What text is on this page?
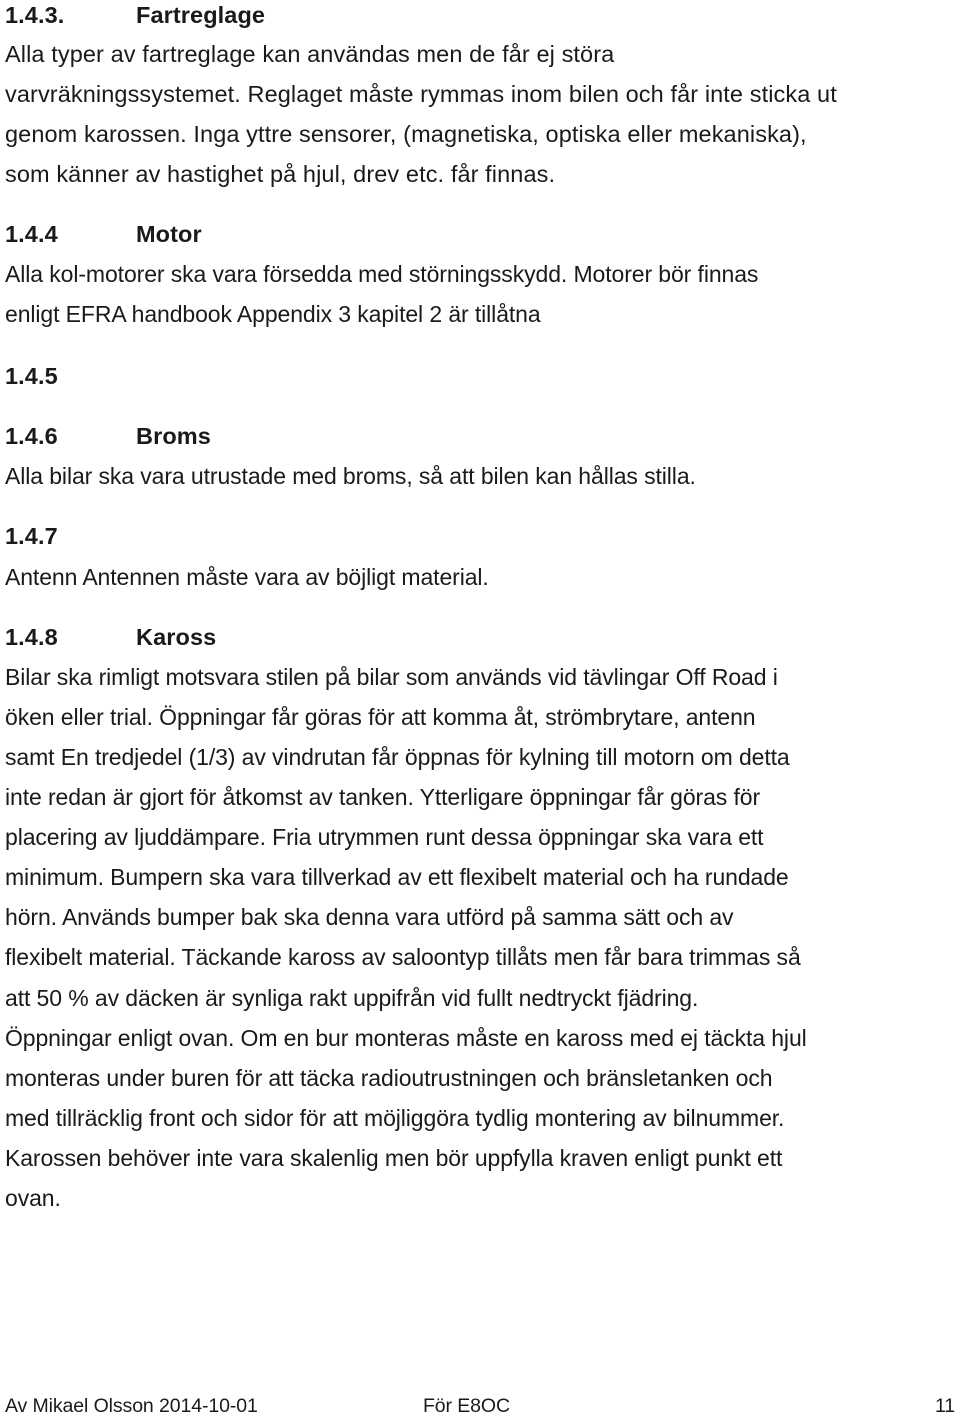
1.4.3.	Fartreglage
Alla typer av fartreglage kan användas men de får ej störa
varvräkningssystemet. Reglaget måste rymmas inom bilen och får inte sticka ut
genom karossen. Inga yttre sensorer, (magnetiska, optiska eller mekaniska),
som känner av hastighet på hjul, drev etc. får finnas.
1.4.4	Motor
Alla kol-motorer ska vara försedda med störningsskydd. Motorer bör finnas
enligt EFRA handbook Appendix 3 kapitel 2 är tillåtna
1.4.5
1.4.6	Broms
Alla bilar ska vara utrustade med broms, så att bilen kan hållas stilla.
1.4.7
Antenn Antennen måste vara av böjligt material.
1.4.8	Kaross
Bilar ska rimligt motsvara stilen på bilar som används vid tävlingar Off Road i
öken eller trial. Öppningar får göras för att komma åt, strömbrytare, antenn
samt En tredjedel (1/3) av vindrutan får öppnas för kylning till motorn om detta
inte redan är gjort för åtkomst av tanken. Ytterligare öppningar får göras för
placering av ljuddämpare. Fria utrymmen runt dessa öppningar ska vara ett
minimum. Bumpern ska vara tillverkad av ett flexibelt material och ha rundade
hörn. Används bumper bak ska denna vara utförd på samma sätt och av
flexibelt material. Täckande kaross av saloontyp tillåts men får bara trimmas så
att 50 % av däcken är synliga rakt uppifrån vid fullt nedtryckt fjädring.
Öppningar enligt ovan. Om en bur monteras måste en kaross med ej täckta hjul
monteras under buren för att täcka radioutrustningen och bränsletanken och
med tillräcklig front och sidor för att möjliggöra tydlig montering av bilnummer.
Karossen behöver inte vara skalenlig men bör uppfylla kraven enligt punkt ett
ovan.
Av Mikael Olsson 2014-10-01	För E8OC	11
